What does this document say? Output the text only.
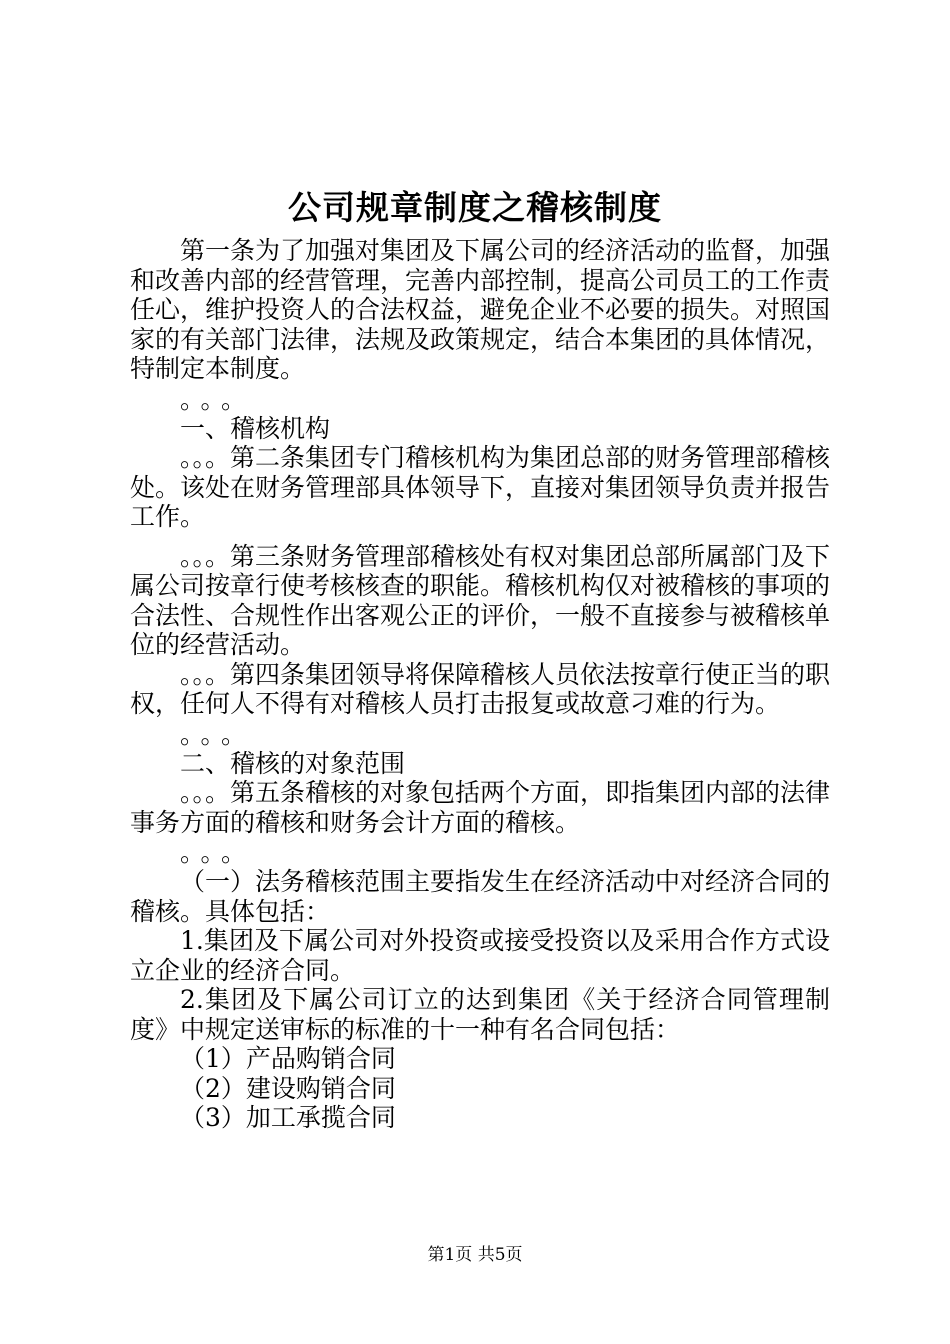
公司规章制度之稽核制度

第一条为了加强对集团及下属公司的经济活动的监督，加强和改善内部的经营管理，完善内部控制，提高公司员工的工作责任心，维护投资人的合法权益，避免企业不必要的损失。对照国家的有关部门法律，法规及政策规定，结合本集团的具体情况，特制定本制度。

。。。

一、稽核机构

。。。第二条集团专门稽核机构为集团总部的财务管理部稽核处。该处在财务管理部具体领导下，直接对集团领导负责并报告工作。

。。。第三条财务管理部稽核处有权对集团总部所属部门及下属公司按章行使考核核查的职能。稽核机构仅对被稽核的事项的合法性、合规性作出客观公正的评价，一般不直接参与被稽核单位的经营活动。

。。。第四条集团领导将保障稽核人员依法按章行使正当的职权，任何人不得有对稽核人员打击报复或故意刁难的行为。

。。。

二、稽核的对象范围

。。。第五条稽核的对象包括两个方面，即指集团内部的法律事务方面的稽核和财务会计方面的稽核。

。。。

（一）法务稽核范围主要指发生在经济活动中对经济合同的稽核。具体包括：

1.集团及下属公司对外投资或接受投资以及采用合作方式设立企业的经济合同。

2.集团及下属公司订立的达到集团《关于经济合同管理制度》中规定送审标的标准的十一种有名合同包括：

（1）产品购销合同

（2）建设购销合同

（3）加工承揽合同

第1页 共5页
